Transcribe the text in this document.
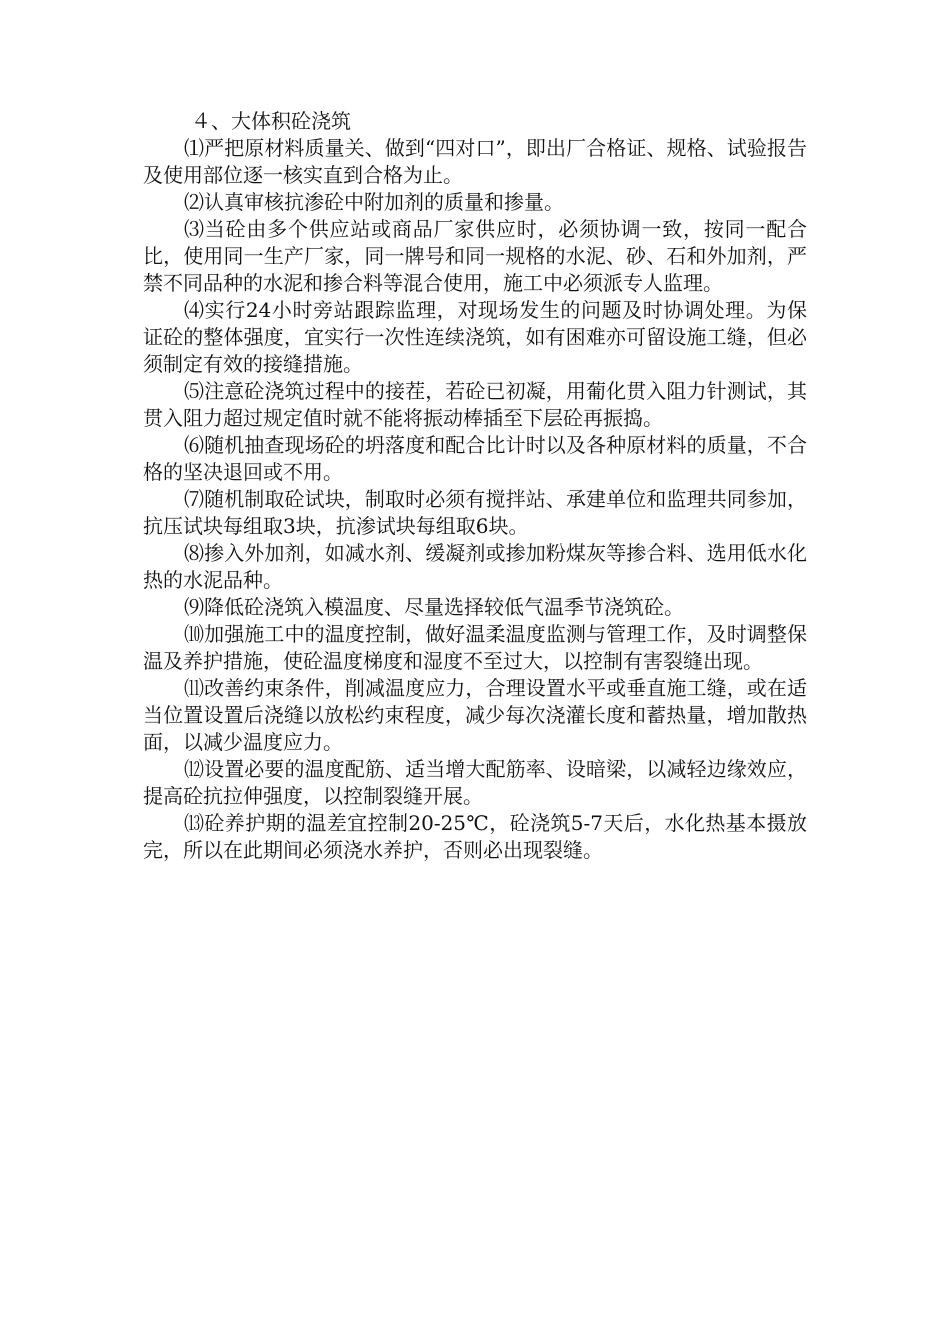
４、大体积砼浇筑

⑴严把原材料质量关、做到“四对口”，即出厂合格证、规格、试验报告及使用部位逐一核实直到合格为止。

⑵认真审核抗渗砼中附加剂的质量和掺量。

⑶当砼由多个供应站或商品厂家供应时，必须协调一致，按同一配合比，使用同一生产厂家，同一牌号和同一规格的水泥、砂、石和外加剂，严禁不同品种的水泥和掺合料等混合使用，施工中必须派专人监理。

⑷实行24小时旁站跟踪监理，对现场发生的问题及时协调处理。为保证砼的整体强度，宜实行一次性连续浇筑，如有困难亦可留设施工缝，但必须制定有效的接缝措施。

⑸注意砼浇筑过程中的接茬，若砼已初凝，用葡化贯入阻力针测试，其贯入阻力超过规定值时就不能将振动棒插至下层砼再振捣。

⑹随机抽查现场砼的坍落度和配合比计时以及各种原材料的质量，不合格的坚决退回或不用。

⑺随机制取砼试块，制取时必须有搅拌站、承建单位和监理共同参加，抗压试块每组取3块，抗渗试块每组取6块。

⑻掺入外加剂，如减水剂、缓凝剂或掺加粉煤灰等掺合料、选用低水化热的水泥品种。

⑼降低砼浇筑入模温度、尽量选择较低气温季节浇筑砼。

⑽加强施工中的温度控制，做好温柔温度监测与管理工作，及时调整保温及养护措施，使砼温度梯度和湿度不至过大，以控制有害裂缝出现。

⑾改善约束条件，削减温度应力，合理设置水平或垂直施工缝，或在适当位置设置后浇缝以放松约束程度，减少每次浇灌长度和蓄热量，增加散热面，以减少温度应力。

⑿设置必要的温度配筋、适当增大配筋率、设暗梁，以减轻边缘效应，提高砼抗拉伸强度，以控制裂缝开展。

⒀砼养护期的温差宜控制20-25℃，砼浇筑5-7天后，水化热基本摄放完，所以在此期间必须浇水养护，否则必出现裂缝。
